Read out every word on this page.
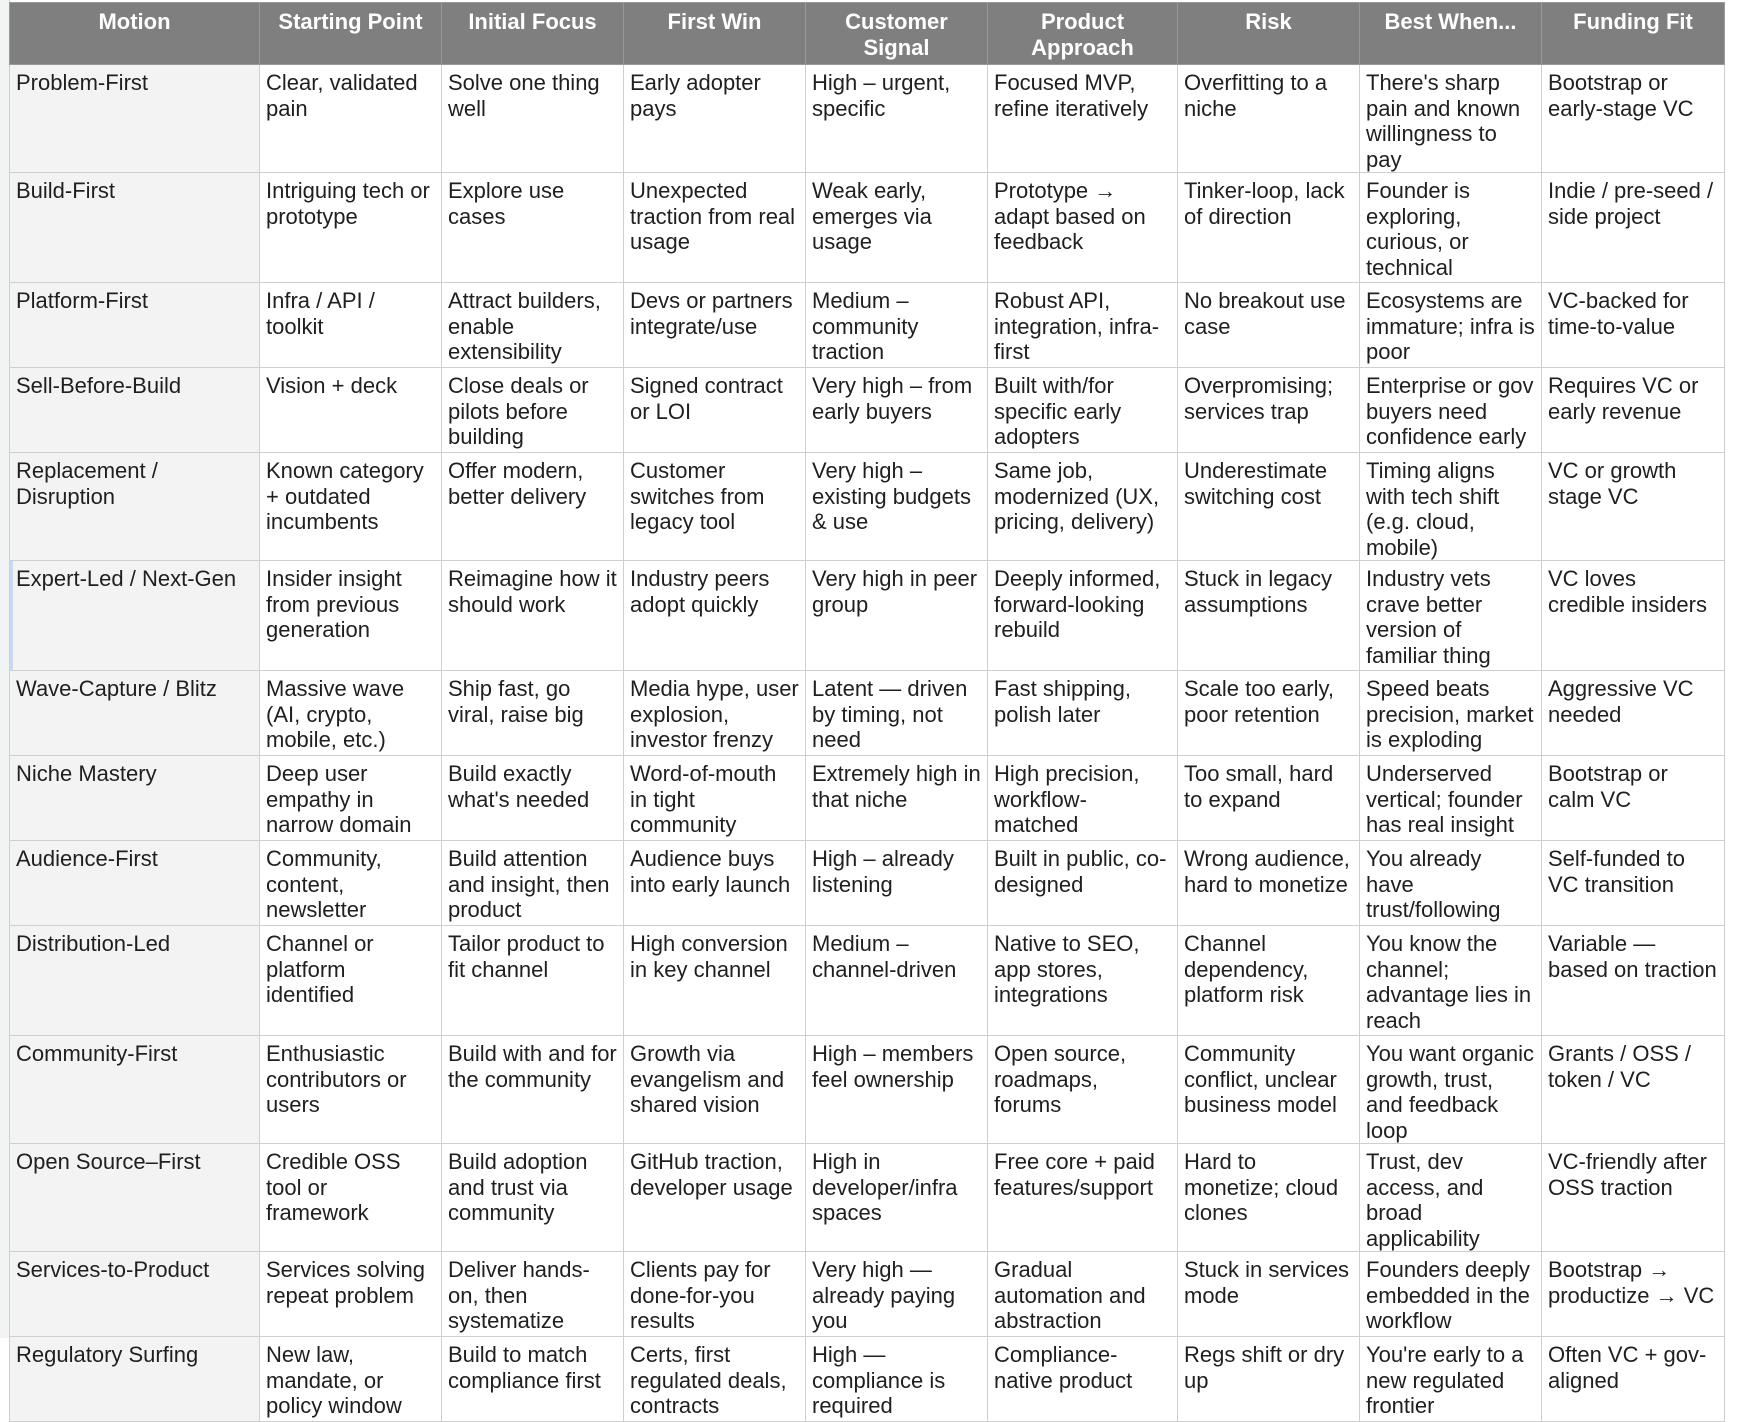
Motion	Starting Point	Initial Focus	First Win	Customer Signal	Product Approach	Risk	Best When...	Funding Fit
Problem-First	Clear, validated pain	Solve one thing well	Early adopter pays	High – urgent, specific	Focused MVP, refine iteratively	Overfitting to a niche	There's sharp pain and known willingness to pay	Bootstrap or early-stage VC
Build-First	Intriguing tech or prototype	Explore use cases	Unexpected traction from real usage	Weak early, emerges via usage	Prototype → adapt based on feedback	Tinker-loop, lack of direction	Founder is exploring, curious, or technical	Indie / pre-seed / side project
Platform-First	Infra / API / toolkit	Attract builders, enable extensibility	Devs or partners integrate/use	Medium – community traction	Robust API, integration, infra-first	No breakout use case	Ecosystems are immature; infra is poor	VC-backed for time-to-value
Sell-Before-Build	Vision + deck	Close deals or pilots before building	Signed contract or LOI	Very high – from early buyers	Built with/for specific early adopters	Overpromising; services trap	Enterprise or gov buyers need confidence early	Requires VC or early revenue
Replacement / Disruption	Known category + outdated incumbents	Offer modern, better delivery	Customer switches from legacy tool	Very high – existing budgets & use	Same job, modernized (UX, pricing, delivery)	Underestimate switching cost	Timing aligns with tech shift (e.g. cloud, mobile)	VC or growth stage VC
Expert-Led / Next-Gen	Insider insight from previous generation	Reimagine how it should work	Industry peers adopt quickly	Very high in peer group	Deeply informed, forward-looking rebuild	Stuck in legacy assumptions	Industry vets crave better version of familiar thing	VC loves credible insiders
Wave-Capture / Blitz	Massive wave (AI, crypto, mobile, etc.)	Ship fast, go viral, raise big	Media hype, user explosion, investor frenzy	Latent — driven by timing, not need	Fast shipping, polish later	Scale too early, poor retention	Speed beats precision, market is exploding	Aggressive VC needed
Niche Mastery	Deep user empathy in narrow domain	Build exactly what's needed	Word-of-mouth in tight community	Extremely high in that niche	High precision, workflow-matched	Too small, hard to expand	Underserved vertical; founder has real insight	Bootstrap or calm VC
Audience-First	Community, content, newsletter	Build attention and insight, then product	Audience buys into early launch	High – already listening	Built in public, co-designed	Wrong audience, hard to monetize	You already have trust/following	Self-funded to VC transition
Distribution-Led	Channel or platform identified	Tailor product to fit channel	High conversion in key channel	Medium – channel-driven	Native to SEO, app stores, integrations	Channel dependency, platform risk	You know the channel; advantage lies in reach	Variable — based on traction
Community-First	Enthusiastic contributors or users	Build with and for the community	Growth via evangelism and shared vision	High – members feel ownership	Open source, roadmaps, forums	Community conflict, unclear business model	You want organic growth, trust, and feedback loop	Grants / OSS / token / VC
Open Source–First	Credible OSS tool or framework	Build adoption and trust via community	GitHub traction, developer usage	High in developer/infra spaces	Free core + paid features/support	Hard to monetize; cloud clones	Trust, dev access, and broad applicability	VC-friendly after OSS traction
Services-to-Product	Services solving repeat problem	Deliver hands-on, then systematize	Clients pay for done-for-you results	Very high — already paying you	Gradual automation and abstraction	Stuck in services mode	Founders deeply embedded in the workflow	Bootstrap → productize → VC
Regulatory Surfing	New law, mandate, or policy window	Build to match compliance first	Certs, first regulated deals, contracts	High — compliance is required	Compliance-native product	Regs shift or dry up	You're early to a new regulated frontier	Often VC + gov-aligned
